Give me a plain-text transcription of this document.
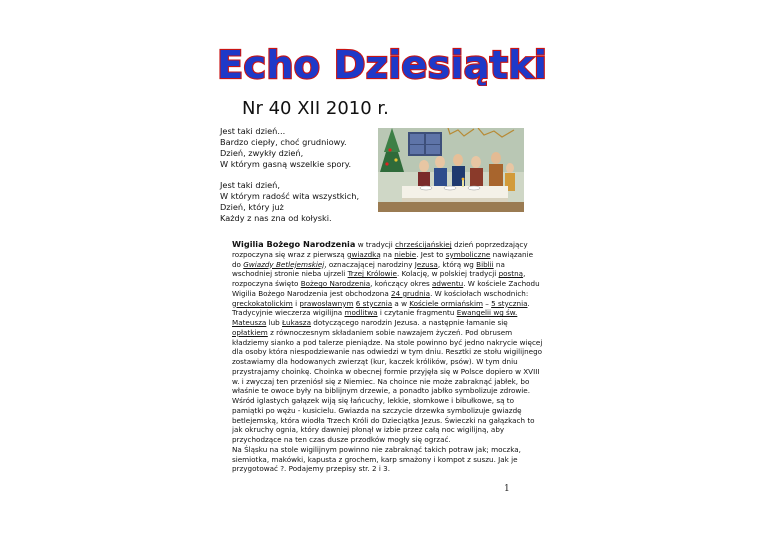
Echo Dziesiątki
Nr 40 XII 2010 r.
Jest taki dzień...
Bardzo ciepły, choć grudniowy.
Dzień, zwykły dzień,
W którym gasną wszelkie spory.
Jest taki dzień,
W którym radość wita wszystkich,
Dzień, który już
Każdy z nas zna od kołyski.

Wigilia Bożego Narodzenia w tradycji chrześcijańskiej dzień poprzedzający rozpoczyna się wraz z pierwszą gwiazdką na niebie. Jest to symboliczne nawiązanie do Gwiazdy Betlejemskiej, oznaczającej narodziny Jezusa, którą wg Biblii na wschodniej stronie nieba ujrzeli Trzej Królowie. Kolację, w polskiej tradycji postną, rozpoczyna święto Bożego Narodzenia, kończący okres adwentu. W kościele Zachodu Wigilia Bożego Narodzenia jest obchodzona 24 grudnia. W kościołach wschodnich: greckokatolickim i prawosławnym 6 stycznia a w Kościele ormiańskim – 5 stycznia. Tradycyjnie wieczerza wigilijna modlitwa i czytanie fragmentu Ewangelii wg św. Mateusza lub Łukasza dotyczącego narodzin Jezusa. a następnie łamanie się opłatkiem z równoczesnym składaniem sobie nawzajem życzeń. Pod obrusem kładziemy sianko a pod talerze pieniądze. Na stole powinno być jedno nakrycie więcej dla osoby która niespodziewanie nas odwiedzi w tym dniu. Resztki ze stołu wigilijnego zostawiamy dla hodowanych zwierząt (kur, kaczek królików, psów). W tym dniu przystrajamy choinkę. Choinka w obecnej formie przyjęła się w Polsce dopiero w XVIII w. i zwyczaj ten przeniósł się z Niemiec. Na choince nie może zabraknąć jabłek, bo właśnie te owoce były na biblijnym drzewie, a ponadto jabłko symbolizuje zdrowie. Wśród iglastych gałązek wiją się łańcuchy, lekkie, słomkowe i bibułkowe, są to pamiątki po wężu - kusicielu. Gwiazda na szczycie drzewka symbolizuje gwiazdę betlejemską, która wiodła Trzech Króli do Dzieciątka Jezus. Świeczki na gałązkach to jak okruchy ognia, który dawniej płonął w izbie przez całą noc wigilijną, aby przychodzące na ten czas dusze przodków mogły się ogrzać.

Na Śląsku na stole wigilijnym powinno nie zabraknąć takich potraw jak; moczka, siemiotka, makówki, kapusta z grochem, karp smażony i kompot z suszu. Jak je przygotować ?. Podajemy przepisy str. 2 i 3.

1
